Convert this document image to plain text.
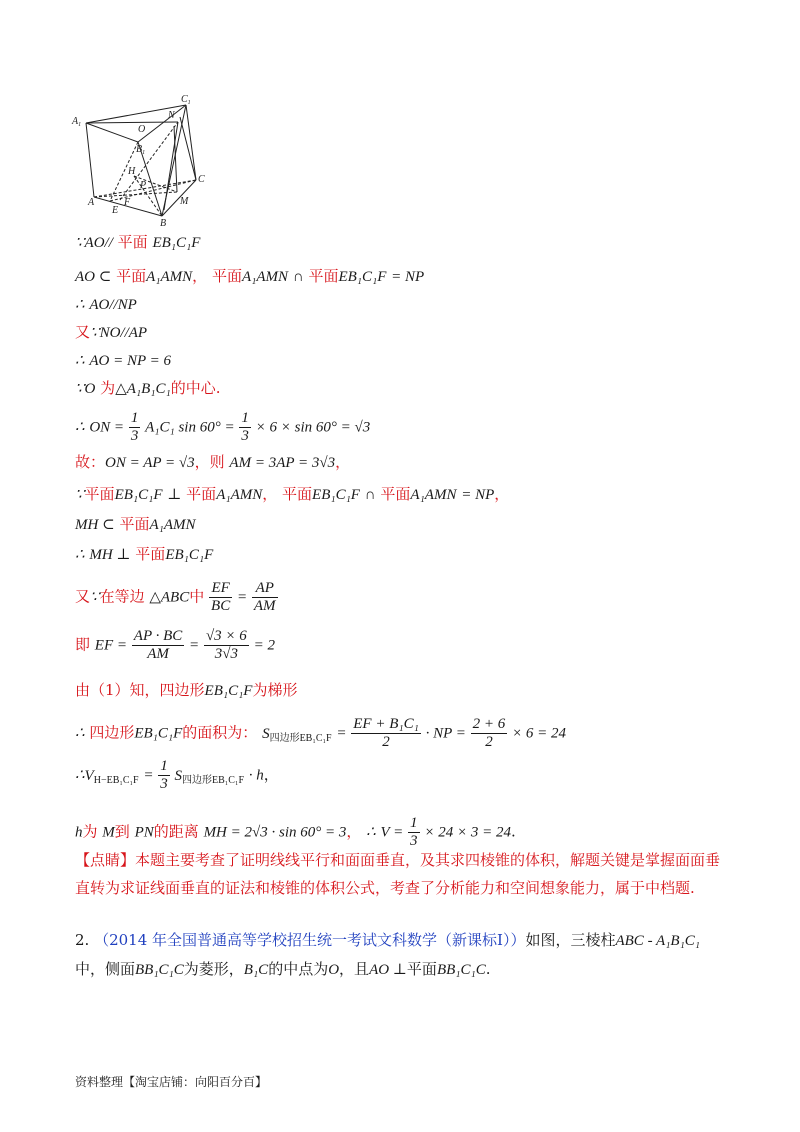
$A_1$
$C_1$
N
O
$B_1$
H
P
C
A
E
F	M
B
∵AO// 平面 EB₁C₁F
AO ⊂ 平面A₁AMN， 平面A₁AMN ∩ 平面EB₁C₁F = NP
∴ AO//NP
又∵NO//AP
∴ AO = NP = 6
∵O 为△A₁B₁C₁的中心.
∴ ON = $\frac{1}{3} A_1C_1$ $\sin 60^\circ = \frac{1}{3} \times 6 \times \sin 60^\circ = √3$
故：ON = AP = √3，则 AM = 3AP = 3√3，
∵平面EB₁C₁F ⊥ 平面A₁AMN， 平面EB₁C₁F ∩ 平面A₁AMN = NP，
MH ⊂ 平面A₁AMN
∴ MH ⊥ 平面EB₁C₁F
又∵在等边 △ABC中 $\frac{EF}{BC} = \frac{AP}{AM}$
即 EF = $\frac{AP \cdot BC}{AM} = \frac{√3 \times 6}{3√3} = 2$
由（1）知，四边形EB₁C₁F为梯形
∴ 四边形EB₁C₁F的面积为： $S_{四边形EB_1C_1F} = \frac{\text{EF + B₁C₁}}{2}$ · NP = $\frac{2 + 6}{2} \times 6 = 24$
$\therefore V_{H-EB_1C_1F} = \frac{1}{3} S_{四边形EB_1C_1F} \cdot h$，
h为 M到 PN的距离 MH = 2√3 · sin 60° = 3， ∴ $V = \frac{1}{3} \times 24 \times 3 = 24$.
【点睛】本题主要考查了证明线线平行和面面垂直，及其求四棱锥的体积，解题关键是掌握面面垂直转为求证线面垂直的证法和棱锥的体积公式，考查了分析能力和空间想象能力，属于中档题.
2. （2014 年全国普通高等学校招生统一考试文科数学（新课标Ⅰ））如图，三棱柱ABC - A₁B₁C₁中，侧面BB₁C₁C为菱形，B₁C的中点为O，且AO ⊥平面BB₁C₁C.
资料整理【淘宝店铺：向阳百分百】
